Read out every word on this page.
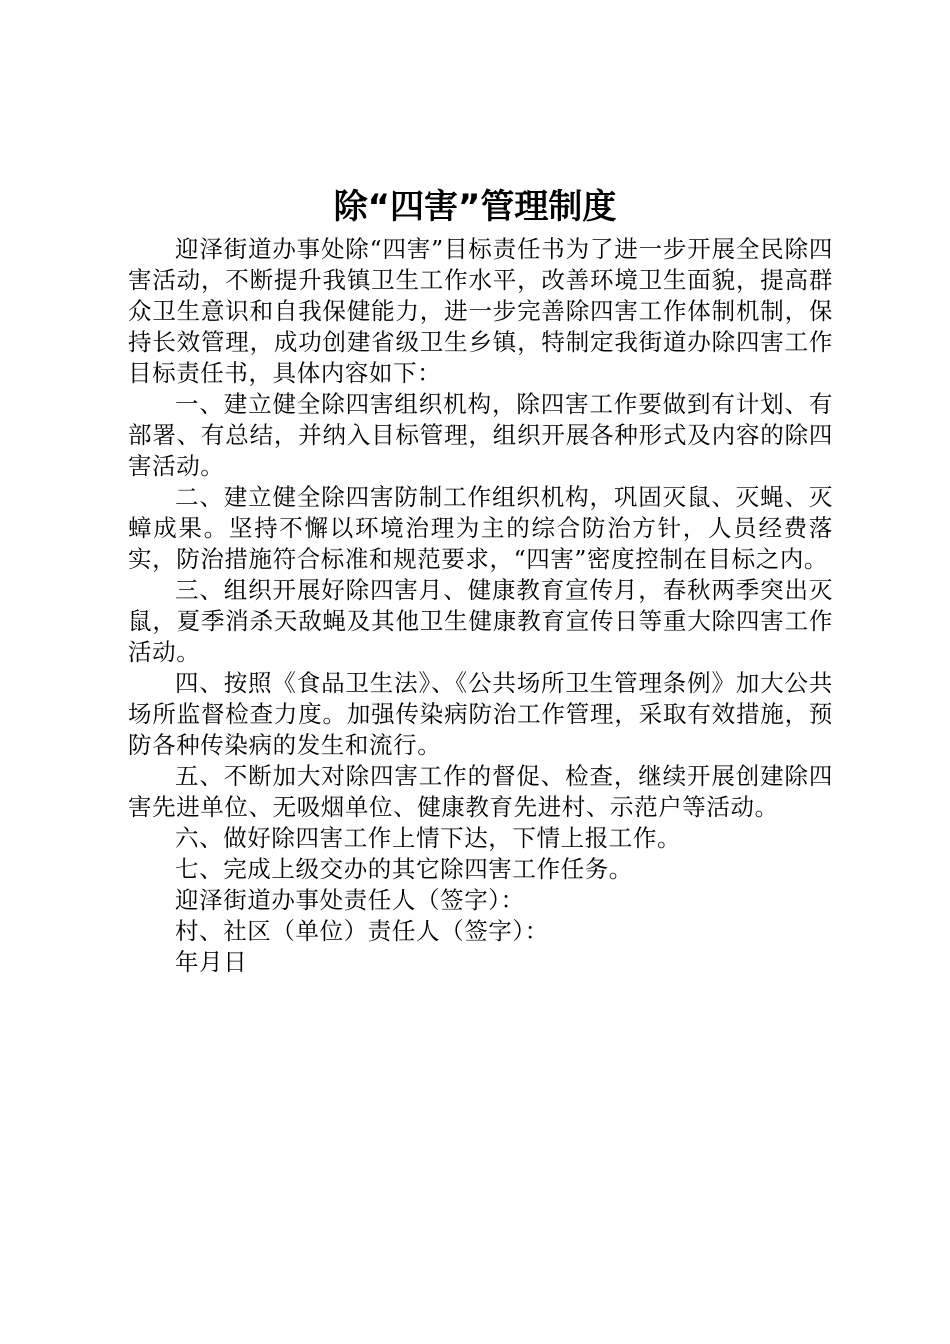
除“四害”管理制度

迎泽街道办事处除“四害”目标责任书为了进一步开展全民除四害活动，不断提升我镇卫生工作水平，改善环境卫生面貌，提高群众卫生意识和自我保健能力，进一步完善除四害工作体制机制，保持长效管理，成功创建省级卫生乡镇，特制定我街道办除四害工作目标责任书，具体内容如下：

一、建立健全除四害组织机构，除四害工作要做到有计划、有部署、有总结，并纳入目标管理，组织开展各种形式及内容的除四害活动。

二、建立健全除四害防制工作组织机构，巩固灭鼠、灭蝇、灭蟑成果。坚持不懈以环境治理为主的综合防治方针，人员经费落实，防治措施符合标准和规范要求，“四害”密度控制在目标之内。

三、组织开展好除四害月、健康教育宣传月，春秋两季突出灭鼠，夏季消杀天敌蝇及其他卫生健康教育宣传日等重大除四害工作活动。

四、按照《食品卫生法》、《公共场所卫生管理条例》加大公共场所监督检查力度。加强传染病防治工作管理，采取有效措施，预防各种传染病的发生和流行。

五、不断加大对除四害工作的督促、检查，继续开展创建除四害先进单位、无吸烟单位、健康教育先进村、示范户等活动。

六、做好除四害工作上情下达，下情上报工作。

七、完成上级交办的其它除四害工作任务。

迎泽街道办事处责任人（签字）：

村、社区（单位）责任人（签字）：

年月日
